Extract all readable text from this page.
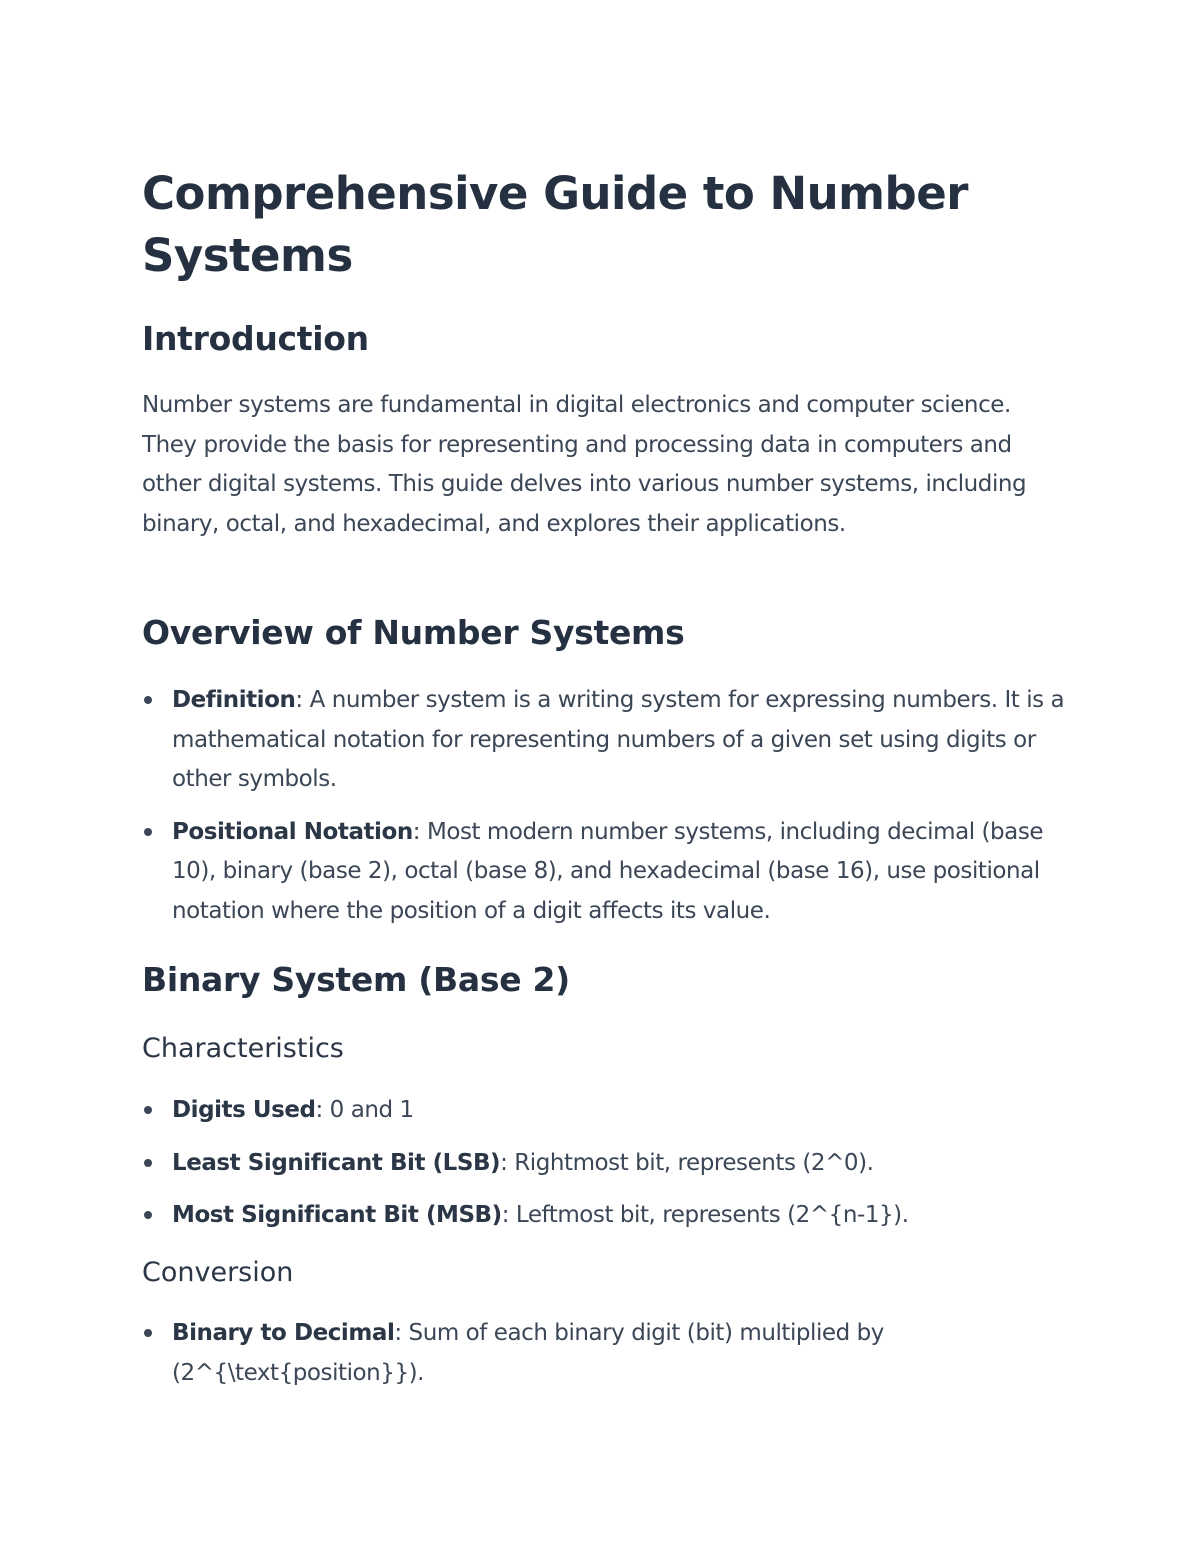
Comprehensive Guide to Number Systems
Introduction

Number systems are fundamental in digital electronics and computer science. They provide the basis for representing and processing data in computers and other digital systems. This guide delves into various number systems, including binary, octal, and hexadecimal, and explores their applications.

Overview of Number Systems
Definition: A number system is a writing system for expressing numbers. It is a mathematical notation for representing numbers of a given set using digits or other symbols.
Positional Notation: Most modern number systems, including decimal (base 10), binary (base 2), octal (base 8), and hexadecimal (base 16), use positional notation where the position of a digit affects its value.
Binary System (Base 2)
Characteristics
Digits Used: 0 and 1
Least Significant Bit (LSB): Rightmost bit, represents (2^0).
Most Significant Bit (MSB): Leftmost bit, represents (2^{n-1}).
Conversion
Binary to Decimal: Sum of each binary digit (bit) multiplied by (2^{\text{position}}).
